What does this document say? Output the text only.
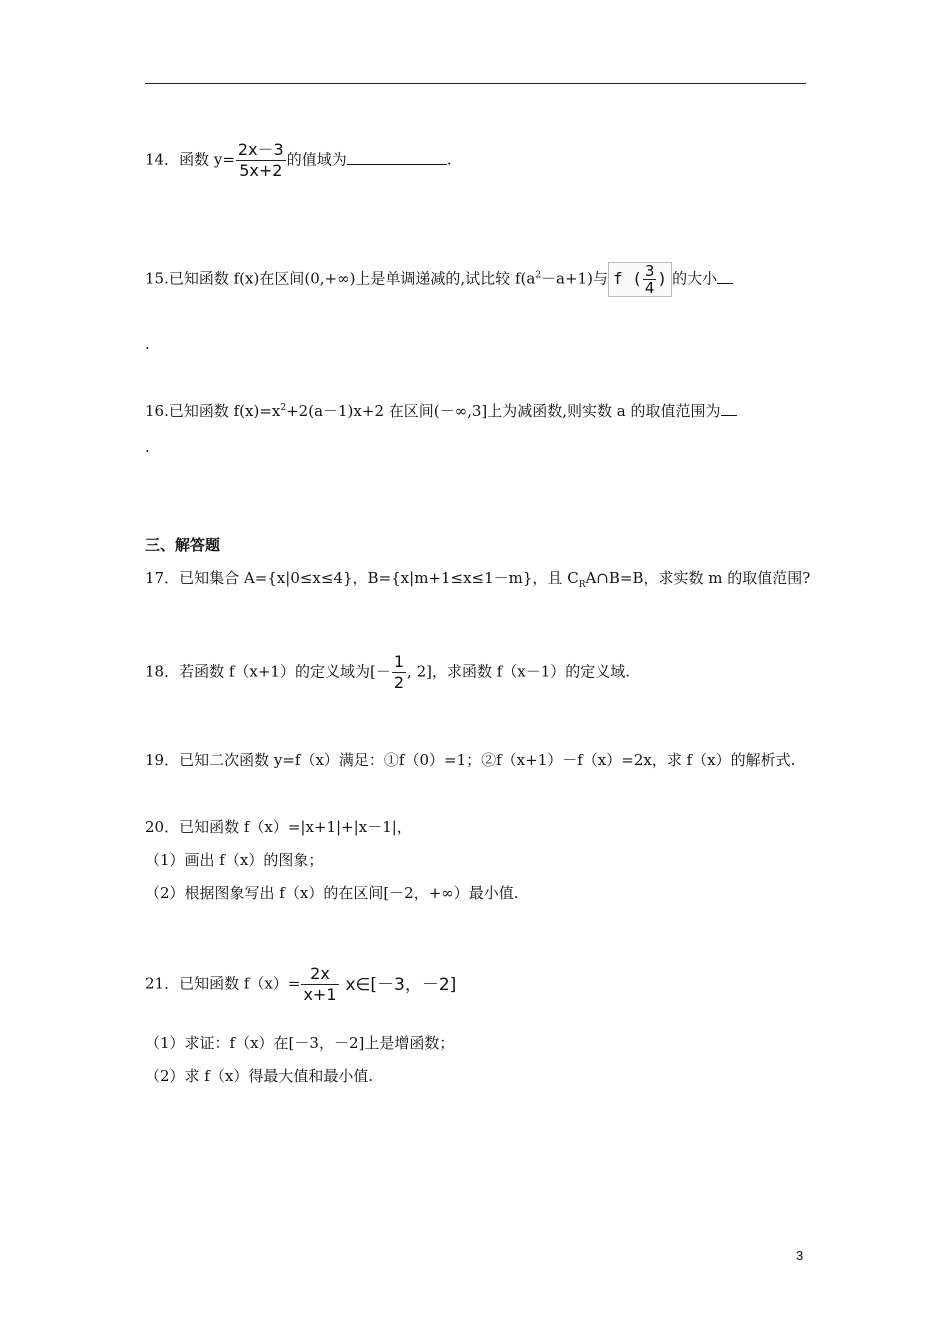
14．函数 $y= \frac{2x-3}{5x+2}$ 的值域为	.
15.已知函数 f(x)在区间(0,+∞)上是单调递减的,试比较 $f(a^2-a+1)$与 f ( $\frac{3}{4}$ ) 的大小
.
16.已知函数 $f(x)=x^2+2(a-1)x+2$ 在区间(－∞,3]上为减函数,则实数 a 的取值范围为
.
三、解答题
17．已知集合 A={x|0≤x≤4}，B={x|m+1≤x≤1－m}，且 $C_RA\cap B=B$，求实数 m 的取值范围?
18．若函数 f（x+1）的定义域为[－ $\frac{1}{2}$ , 2]，求函数 f（x－1）的定义域.
19．已知二次函数 y=f（x）满足：①f（0）=1；②f（x+1）－f（x）=2x，求 f（x）的解析式.
20．已知函数 f（x）=|x+1|+|x－1|，
（1）画出 f（x）的图象；
（2）根据图象写出 f（x）的在区间[－2，+∞）最小值.
21．已知函数 $f(x)= \frac{2x}{x+1}$ x∈[－3，－2]
（1）求证：f（x）在[－3，－2]上是增函数；
（2）求 f（x）得最大值和最小值.
3
